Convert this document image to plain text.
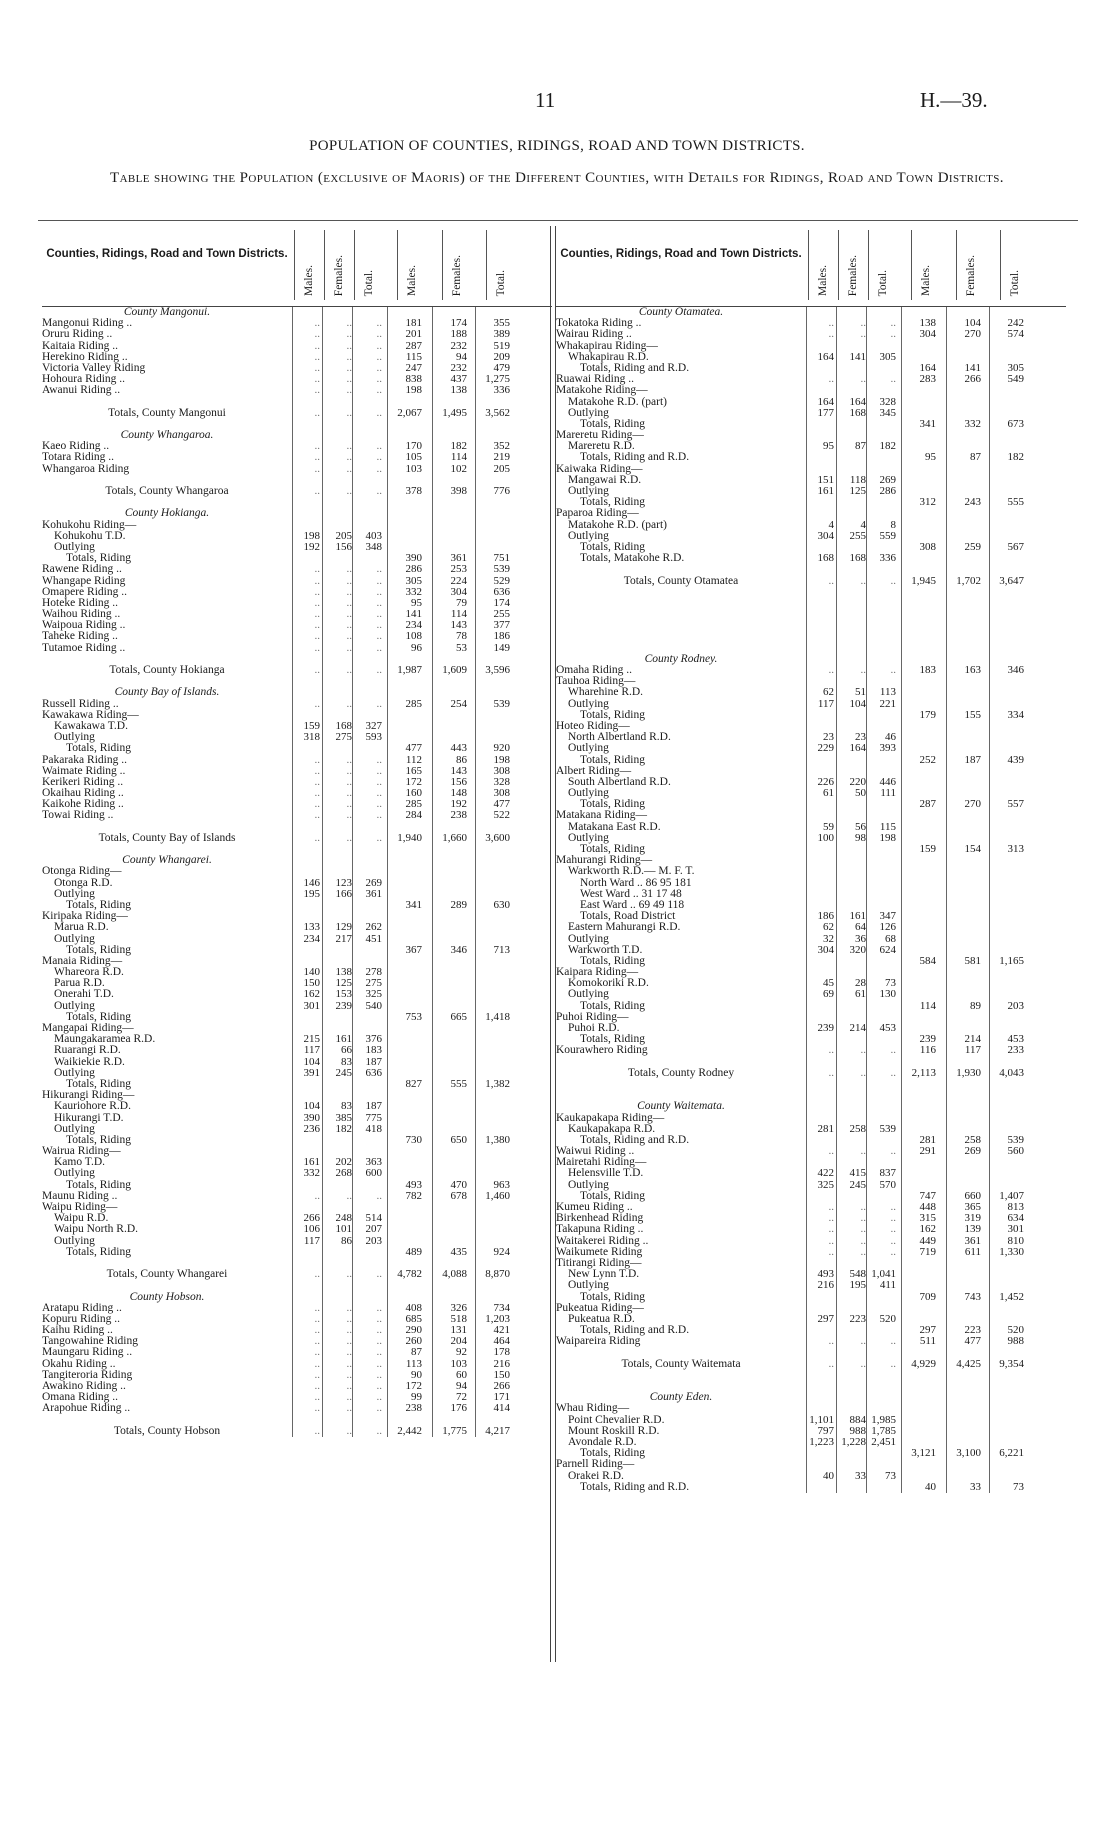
11	H.—39.
POPULATION OF COUNTIES, RIDINGS, ROAD AND TOWN DISTRICTS.
Table showing the Population (exclusive of Maoris) of the Different Counties, with Details for Ridings, Road and Town Districts.
Counties, Ridings, Road and Town Districts.
Males. Females. Total.	Males.	Females.	Total.
County Mangonui.
Mangonui Riding ..	..	..	..	181	174	355
Oruru Riding ..	..	..	..	201	188	389
Kaitaia Riding ..	..	..	..	287	232	519
Herekino Riding ..	..	..	..	115	94	209
Victoria Valley Riding	..	..	..	247	232	479
Hohoura Riding ..	..	..	..	838	437	1,275
Awanui Riding ..	..	..	..	198	138	336
Totals, County Mangonui	..	..	..	2,067	1,495	3,562
County Whangaroa.
Kaeo Riding ..	..	..	..	170	182	352
Totara Riding ..	..	..	..	105	114	219
Whangaroa Riding	..	..	..	103	102	205
Totals, County Whangaroa	..	..	..	378	398	776
County Hokianga.
Kohukohu Riding—
Kohukohu T.D.	198	205	403
Outlying	192	156	348
Totals, Riding	390	361	751
Rawene Riding ..	..	..	..	286	253	539
Whangape Riding	..	..	..	305	224	529
Omapere Riding ..	..	..	..	332	304	636
Hoteke Riding ..	..	..	..	95	79	174
Waihou Riding ..	..	..	..	141	114	255
Waipoua Riding ..	..	..	..	234	143	377
Taheke Riding ..	..	..	..	108	78	186
Tutamoe Riding ..	..	..	..	96	53	149
Totals, County Hokianga	..	..	..	1,987	1,609	3,596
County Bay of Islands.
Russell Riding ..	..	..	..	285	254	539
Kawakawa Riding—
Kawakawa T.D.	159	168	327
Outlying	318	275	593
Totals, Riding	477	443	920
Pakaraka Riding ..	..	..	..	112	86	198
Waimate Riding ..	..	..	..	165	143	308
Kerikeri Riding ..	..	..	..	172	156	328
Okaihau Riding ..	..	..	..	160	148	308
Kaikohe Riding ..	..	..	..	285	192	477
Towai Riding ..	..	..	..	284	238	522
Totals, County Bay of Islands	..	..	..	1,940	1,660	3,600
County Whangarei.
Otonga Riding—
Otonga R.D.	146	123	269
Outlying	195	166	361
Totals, Riding	341	289	630
Kiripaka Riding—
Marua R.D.	133	129	262
Outlying	234	217	451
Totals, Riding	367	346	713
Manaia Riding—
Whareora R.D.	140	138	278
Parua R.D.	150	125	275
Onerahi T.D.	162	153	325
Outlying	301	239	540
Totals, Riding	753	665	1,418
Mangapai Riding—
Maungakaramea R.D.	215	161	376
Ruarangi R.D.	117	66	183
Waikiekie R.D.	104	83	187
Outlying	391	245	636
Totals, Riding	827	555	1,382
Hikurangi Riding—
Kauriohore R.D.	104	83	187
Hikurangi T.D.	390	385	775
Outlying	236	182	418
Totals, Riding	730	650	1,380
Wairua Riding—
Kamo T.D.	161	202	363
Outlying	332	268	600
Totals, Riding	493	470	963
Maunu Riding ..	..	..	..	782	678	1,460
Waipu Riding—
Waipu R.D.	266	248	514
Waipu North R.D.	106	101	207
Outlying	117	86	203
Totals, Riding	489	435	924
Totals, County Whangarei	..	..	..	4,782	4,088	8,870
County Hobson.
Aratapu Riding ..	..	..	..	408	326	734
Kopuru Riding ..	..	..	..	685	518	1,203
Kaihu Riding ..	..	..	..	290	131	421
Tangowahine Riding	..	..	..	260	204	464
Maungaru Riding ..	..	..	..	87	92	178
Okahu Riding ..	..	..	..	113	103	216
Tangiteroria Riding	..	..	..	90	60	150
Awakino Riding ..	..	..	..	172	94	266
Omana Riding ..	..	..	..	99	72	171
Arapohue Riding ..	..	..	..	238	176	414
Totals, County Hobson	..	..	..	2,442	1,775	4,217
Counties, Ridings, Road and Town Districts.
Males. Females. Total.	Males.	Females.	Total.
County Otamatea.
Tokatoka Riding ..	..	..	..	138	104	242
Wairau Riding ..	..	..	..	304	270	574
Whakapirau Riding—
Whakapirau R.D.	164	141	305
Totals, Riding and R.D.	164	141	305
Ruawai Riding ..	..	..	..	283	266	549
Matakohe Riding—
Matakohe R.D. (part)	164	164	328
Outlying	177	168	345
Totals, Riding	341	332	673
Mareretu Riding—
Mareretu R.D.	95	87	182
Totals, Riding and R.D.	95	87	182
Kaiwaka Riding—
Mangawai R.D.	151	118	269
Outlying	161	125	286
Totals, Riding	312	243	555
Paparoa Riding—
Matakohe R.D. (part)	4	4	8
Outlying	304	255	559
Totals, Riding	308	259	567
Totals, Matakohe R.D.	168	168	336
Totals, County Otamatea	..	..	..	1,945	1,702	3,647
County Rodney.
Omaha Riding ..	..	..	..	183	163	346
Tauhoa Riding—
Wharehine R.D.	62	51	113
Outlying	117	104	221
Totals, Riding	179	155	334
Hoteo Riding—
North Albertland R.D.	23	23	46
Outlying	229	164	393
Totals, Riding	252	187	439
Albert Riding—
South Albertland R.D.	226	220	446
Outlying	61	50	111
Totals, Riding	287	270	557
Matakana Riding—
Matakana East R.D.	59	56	115
Outlying	100	98	198
Totals, Riding	159	154	313
Mahurangi Riding—
Warkworth R.D.— M. F. T.
North Ward .. 86 95 181
West Ward .. 31 17 48
East Ward .. 69 49 118
Totals, Road District	186	161	347
Eastern Mahurangi R.D.	62	64	126
Outlying	32	36	68
Warkworth T.D.	304	320	624
Totals, Riding	584	581	1,165
Kaipara Riding—
Komokoriki R.D.	45	28	73
Outlying	69	61	130
Totals, Riding	114	89	203
Puhoi Riding—
Puhoi R.D.	239	214	453
Totals, Riding	239	214	453
Kourawhero Riding	..	..	..	116	117	233
Totals, County Rodney	..	..	..	2,113	1,930	4,043
County Waitemata.
Kaukapakapa Riding—
Kaukapakapa R.D.	281	258	539
Totals, Riding and R.D.	281	258	539
Waiwui Riding ..	..	..	..	291	269	560
Mairetahi Riding—
Helensville T.D.	422	415	837
Outlying	325	245	570
Totals, Riding	747	660	1,407
Kumeu Riding ..	..	..	..	448	365	813
Birkenhead Riding	..	..	..	315	319	634
Takapuna Riding ..	..	..	..	162	139	301
Waitakerei Riding ..	..	..	..	449	361	810
Waikumete Riding	..	..	..	719	611	1,330
Titirangi Riding—
New Lynn T.D.	493	548 1,041
Outlying	216	195	411
Totals, Riding	709	743	1,452
Pukeatua Riding—
Pukeatua R.D.	297	223	520
Totals, Riding and R.D.	297	223	520
Waipareira Riding	..	..	..	511	477	988
Totals, County Waitemata	..	..	..	4,929	4,425	9,354
County Eden.
Whau Riding—
Point Chevalier R.D.	1,101	884 1,985
Mount Roskill R.D.	797	988 1,785
Avondale R.D.	1,223 1,228 2,451
Totals, Riding	3,121	3,100	6,221
Parnell Riding—
Orakei R.D.	40	33	73
Totals, Riding and R.D.	40	33	73
